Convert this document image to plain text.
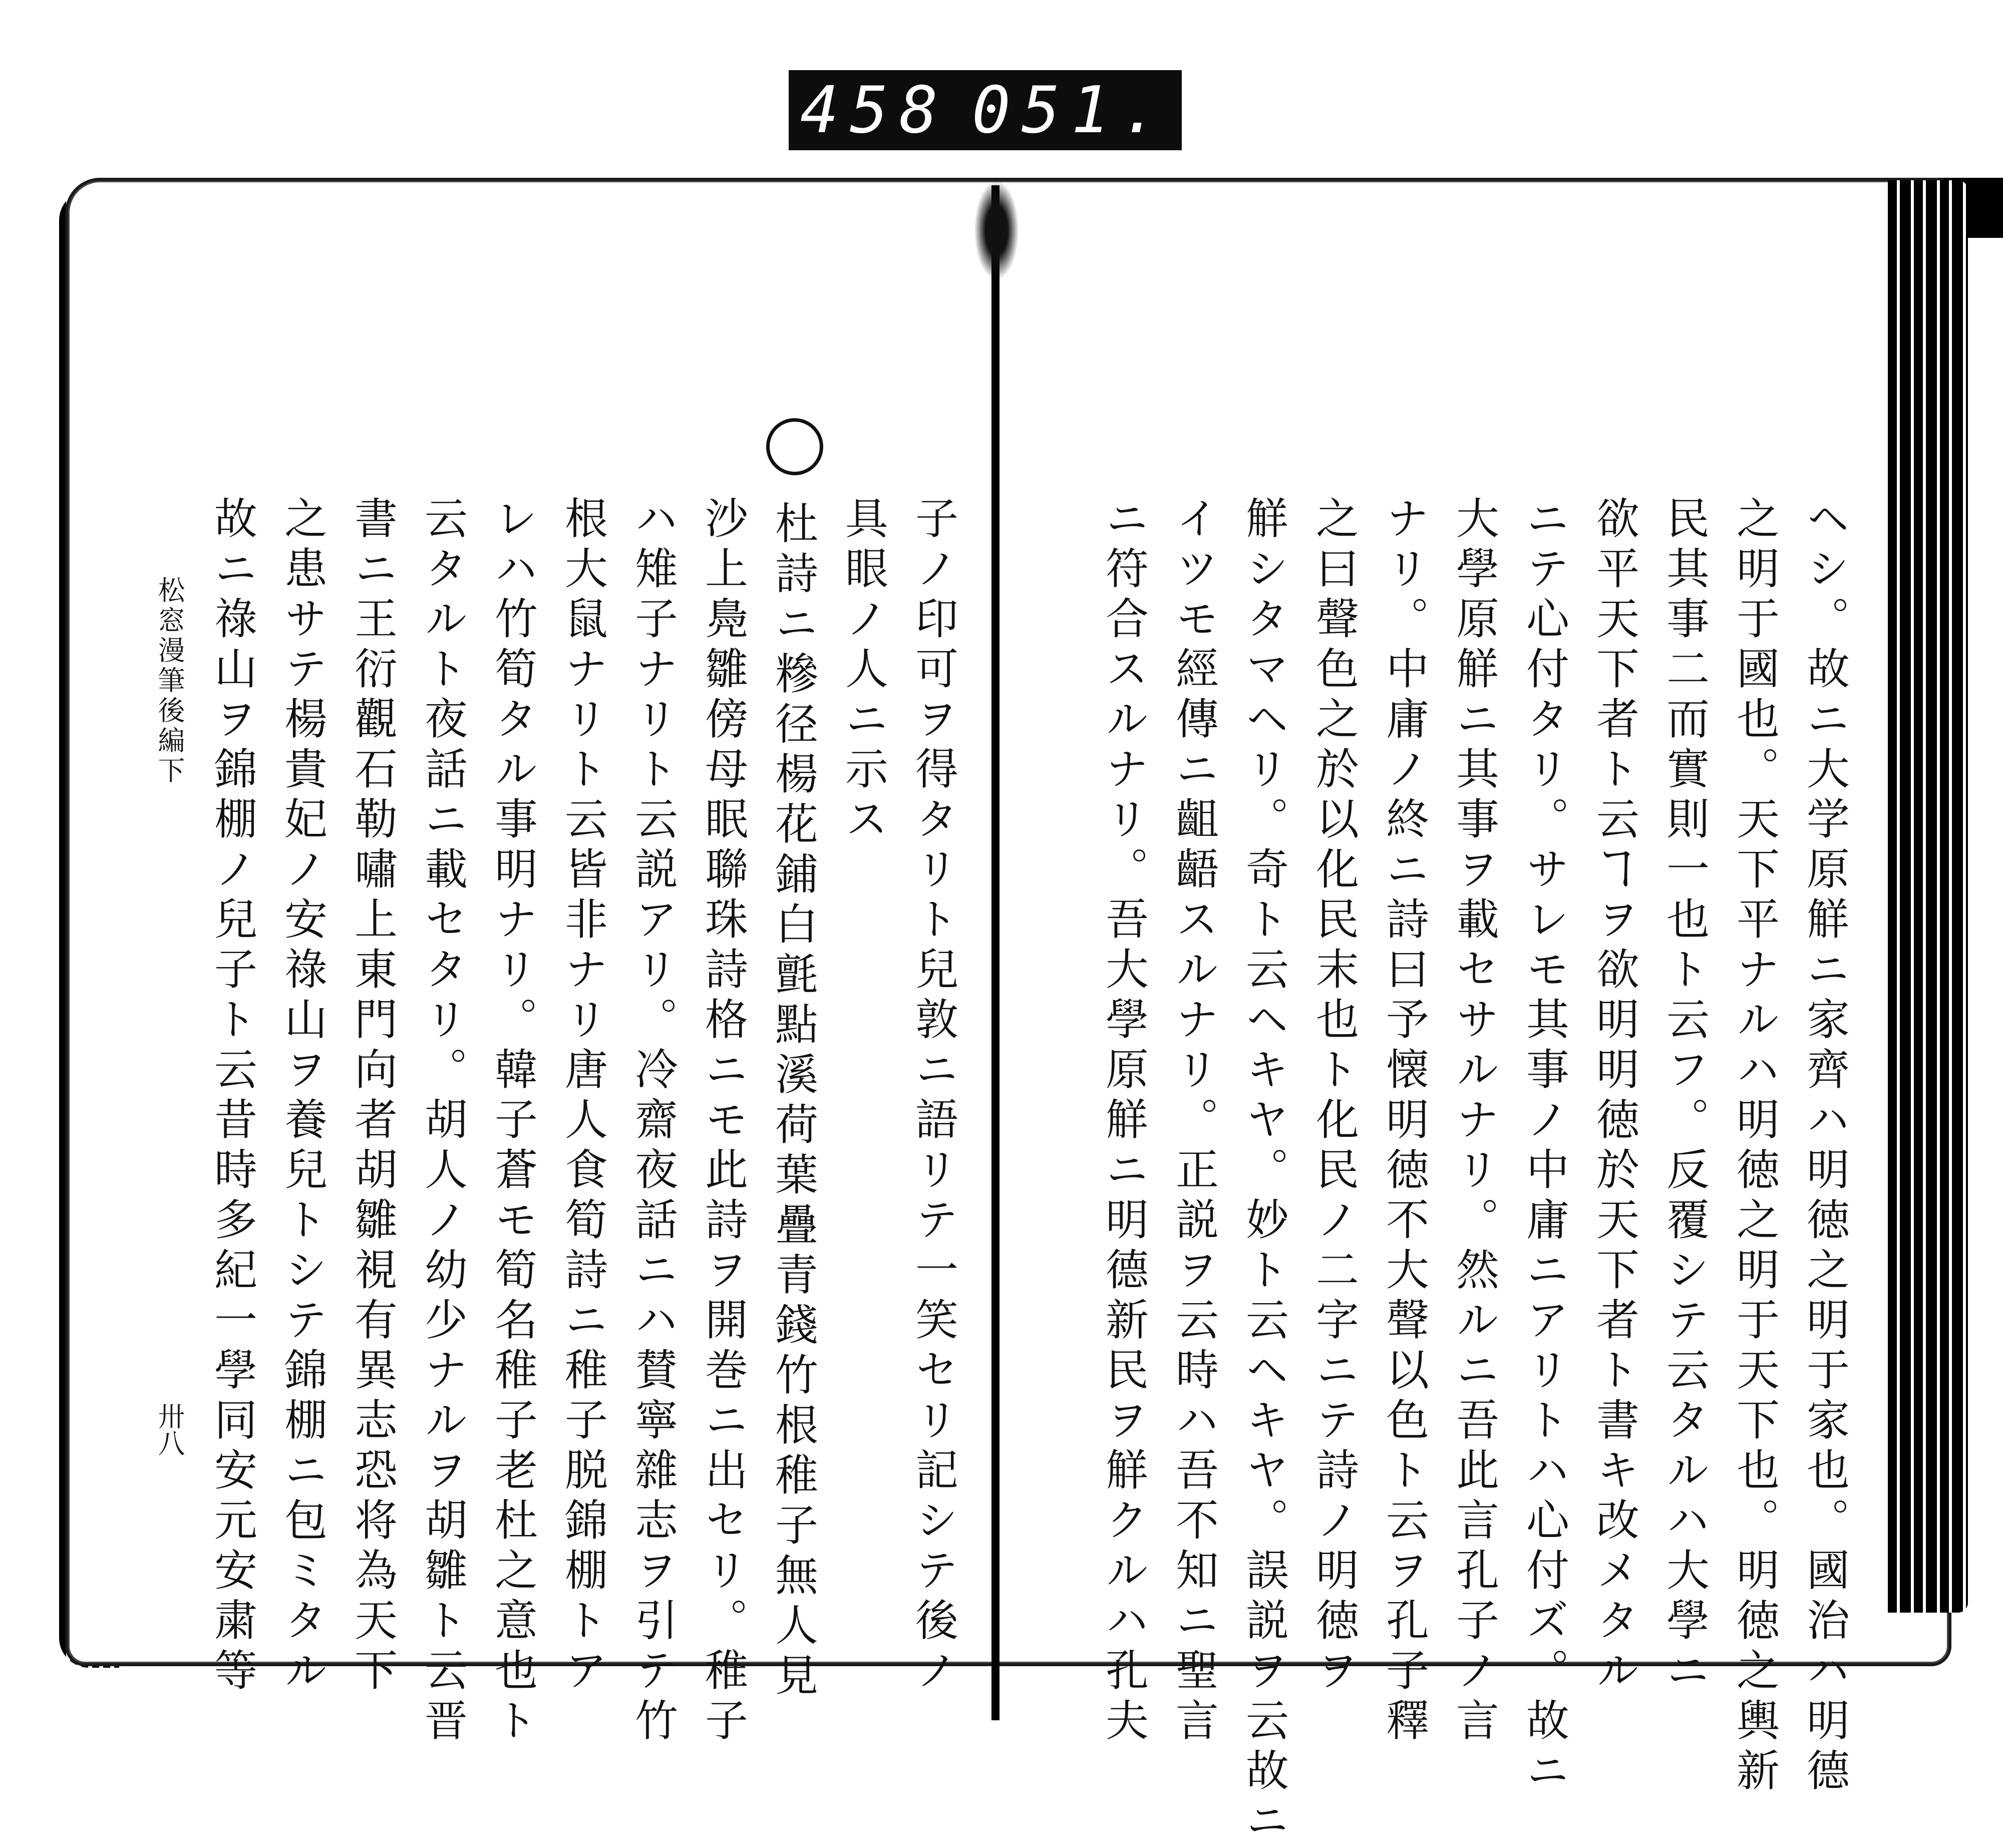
458 051.
ヘシ。故ニ大学原觧ニ家齊ハ明徳之明于家也。國治ハ明德
之明于國也。天下平ナルハ明徳之明于天下也。明徳之輿新
民其事二而實則一也ト云フ。反覆シテ云タルハ大學ニ
欲平天下者ト云ヿヲ欲明明徳於天下者ト書キ改メタル
ニテ心付タリ。サレモ其事ノ中庸ニアリトハ心付ズ。故ニ
大學原觧ニ其事ヲ載セサルナリ。然ルニ吾此言孔子ノ言
ナリ。中庸ノ終ニ詩曰予懐明徳不大聲以色ト云ヲ孔子釋
之曰聲色之於以化民末也ト化民ノ二字ニテ詩ノ明徳ヲ
觧シタマヘリ。奇ト云ヘキヤ。妙ト云ヘキヤ。誤説ヲ云故ニ
イツモ經傳ニ齟齬スルナリ。正説ヲ云時ハ吾不知ニ聖言
ニ符合スルナリ。吾大學原觧ニ明德新民ヲ觧クルハ孔夫
子ノ印可ヲ得タリト兒敦ニ語リテ一笑セリ記シテ後ノ
具眼ノ人ニ示ス
杜詩ニ糝径楊花鋪白氈點溪荷葉疊青錢竹根稚子無人見
沙上鳧雛傍母眠聯珠詩格ニモ此詩ヲ開巻ニ出セリ。稚子
ハ雉子ナリト云説アリ。冷齋夜話ニハ賛寧雜志ヲ引テ竹
根大鼠ナリト云皆非ナリ唐人食筍詩ニ稚子脱錦棚トア
レハ竹筍タル事明ナリ。韓子蒼モ筍名稚子老杜之意也ト
云タルト夜話ニ載セタリ。胡人ノ幼少ナルヲ胡雛ト云晋
書ニ王衍觀石勒嘯上東門向者胡雛視有異志恐将為天下
之患サテ楊貴妃ノ安祿山ヲ養兒トシテ錦棚ニ包ミタル
故ニ祿山ヲ錦棚ノ兒子ト云昔時多紀一學同安元安粛等
松窓漫筆後編下
卅八
